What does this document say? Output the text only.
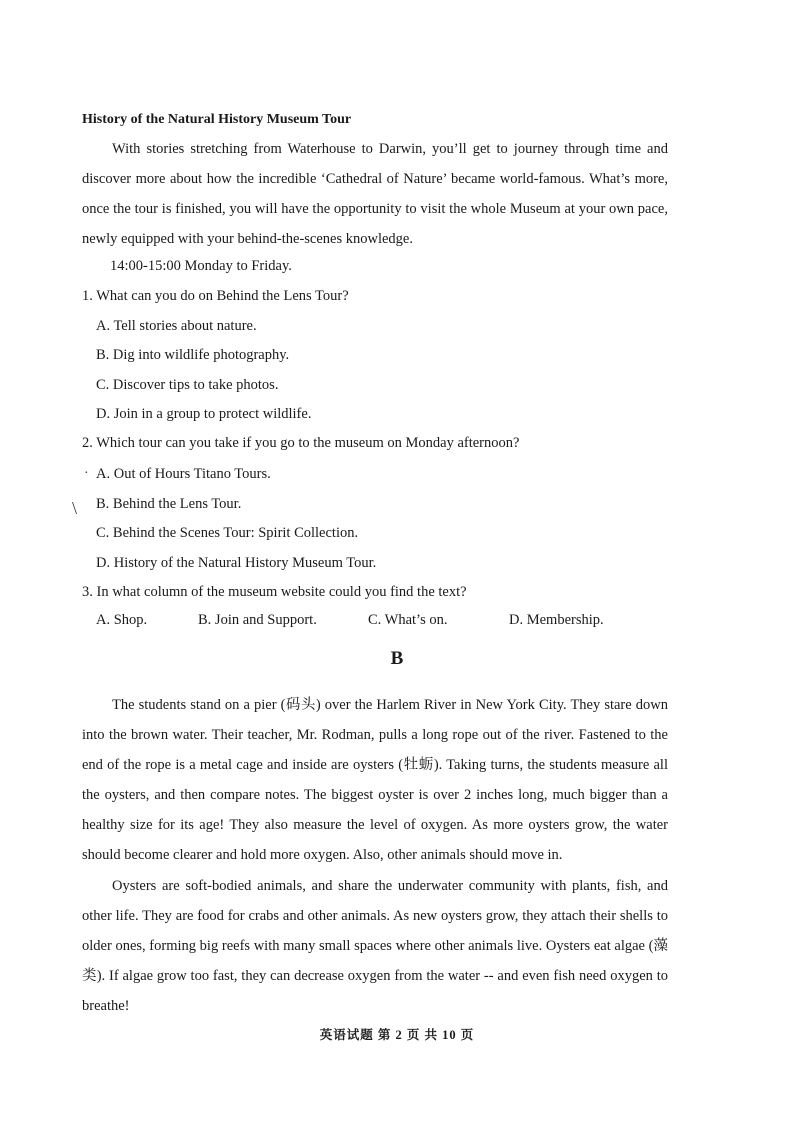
History of the Natural History Museum Tour
With stories stretching from Waterhouse to Darwin, you’ll get to journey through time and discover more about how the incredible ‘Cathedral of Nature’ became world-famous. What’s more, once the tour is finished, you will have the opportunity to visit the whole Museum at your own pace, newly equipped with your behind-the-scenes knowledge.
14:00-15:00 Monday to Friday.
1. What can you do on Behind the Lens Tour?
A. Tell stories about nature.
B. Dig into wildlife photography.
C. Discover tips to take photos.
D. Join in a group to protect wildlife.
2. Which tour can you take if you go to the museum on Monday afternoon?
· A. Out of Hours Titano Tours.
\ B. Behind the Lens Tour.
C. Behind the Scenes Tour: Spirit Collection.
D. History of the Natural History Museum Tour.
3. In what column of the museum website could you find the text?
A. Shop.	B. Join and Support.	C. What’s on.	D. Membership.
B
The students stand on a pier (码头) over the Harlem River in New York City. They stare down into the brown water. Their teacher, Mr. Rodman, pulls a long rope out of the river. Fastened to the end of the rope is a metal cage and inside are oysters (牡蛎). Taking turns, the students measure all the oysters, and then compare notes. The biggest oyster is over 2 inches long, much bigger than a healthy size for its age! They also measure the level of oxygen. As more oysters grow, the water should become clearer and hold more oxygen. Also, other animals should move in.
Oysters are soft-bodied animals, and share the underwater community with plants, fish, and other life. They are food for crabs and other animals. As new oysters grow, they attach their shells to older ones, forming big reefs with many small spaces where other animals live. Oysters eat algae (藻类). If algae grow too fast, they can decrease oxygen from the water -- and even fish need oxygen to breathe!
英语试题 第 2 页 共 10 页
